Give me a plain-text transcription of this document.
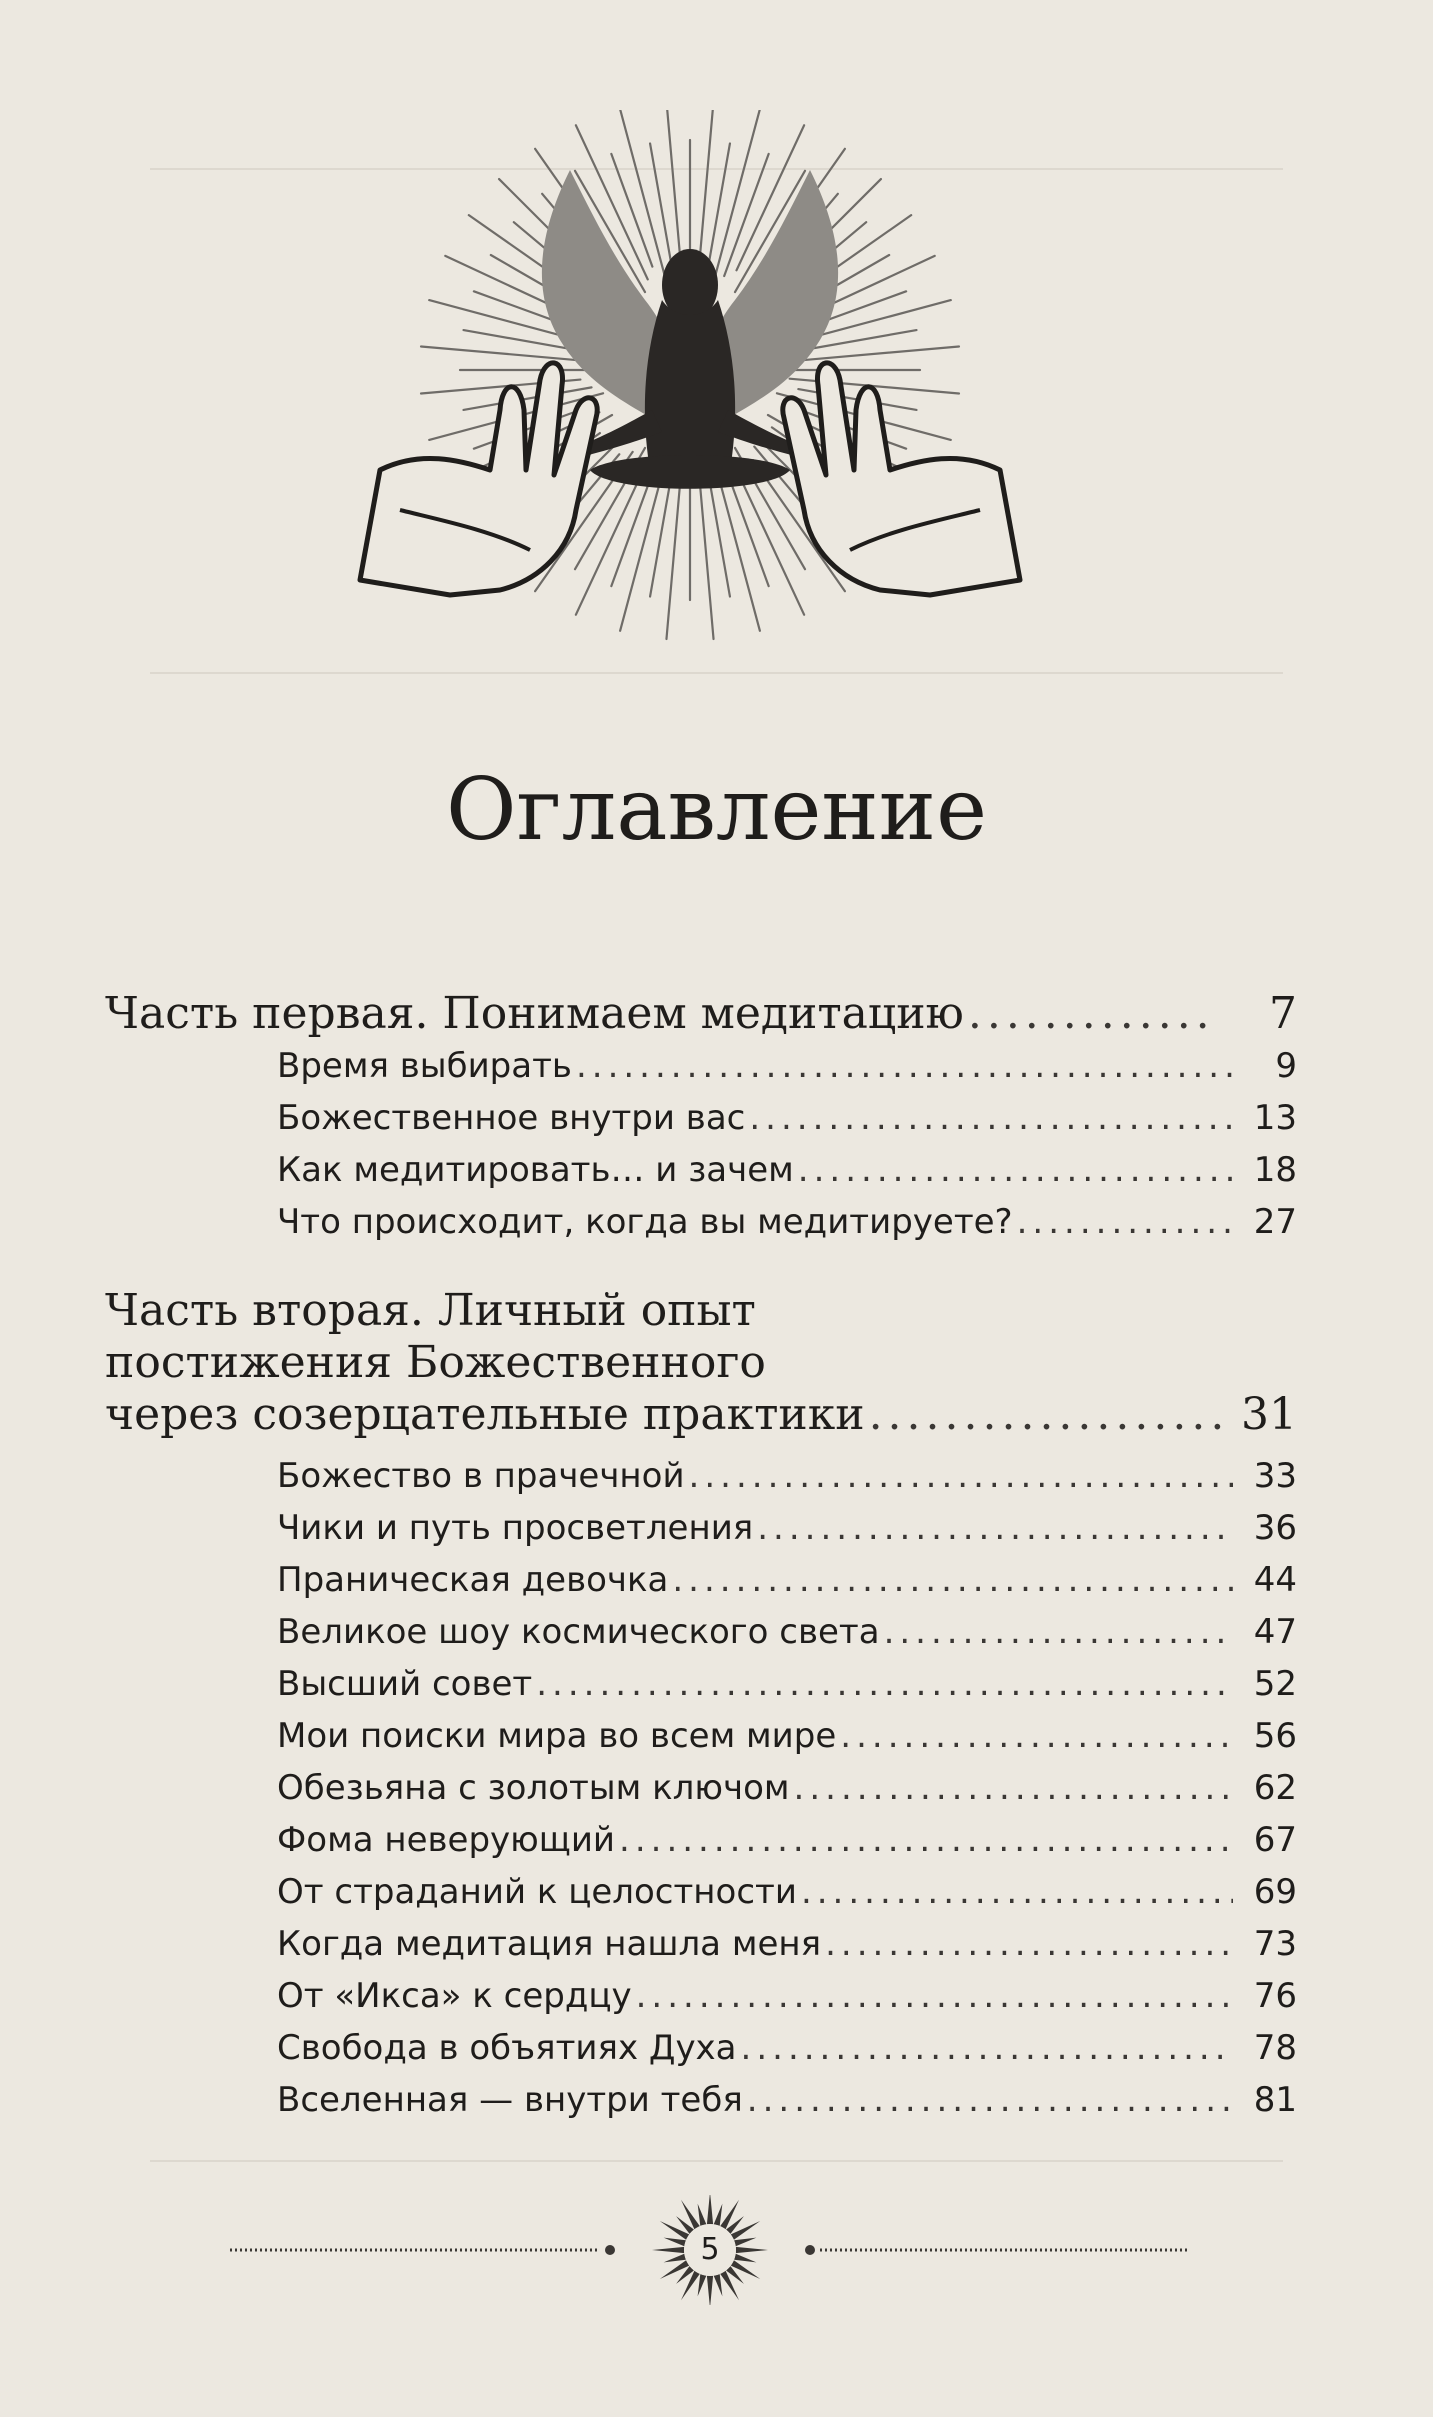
Оглавление
Часть первая. Понимаем медитацию .....	7
Время выбирать .....	9
Божественное внутри вас .....	13
Как медитировать… и зачем .....	18
Что происходит, когда вы медитируете? .....	27
Часть вторая. Личный опыт
постижения Божественного
через созерцательные практики .....	31
Божество в прачечной .....	33
Чики и путь просветления .....	36
Праническая девочка .....	44
Великое шоу космического света .....	47
Высший совет .....	52
Мои поиски мира во всем мире .....	56
Обезьяна с золотым ключом .....	62
Фома неверующий .....	67
От страданий к целостности .....	69
Когда медитация нашла меня .....	73
От «Икса» к сердцу .....	76
Свобода в объятиях Духа .....	78
Вселенная — внутри тебя .....	81
5
